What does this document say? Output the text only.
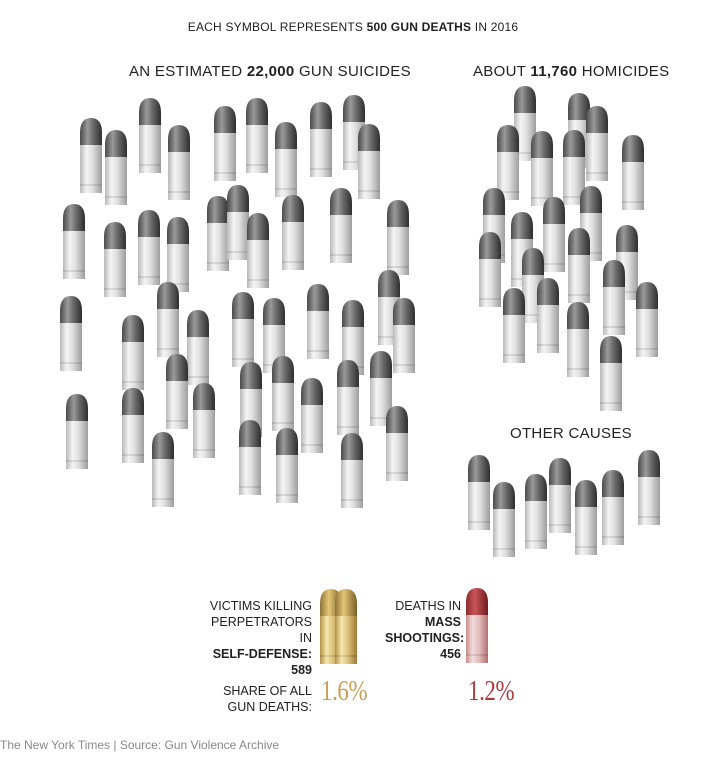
EACH SYMBOL REPRESENTS 500 GUN DEATHS IN 2016
AN ESTIMATED 22,000 GUN SUICIDES	ABOUT 11,760 HOMICIDES
OTHER CAUSES
VICTIMS KILLING
PERPETRATORS IN
SELF-DEFENSE:
589
DEATHS IN
MASS
SHOOTINGS:
456
SHARE OF ALL
GUN DEATHS: 1.6%	1.2%
The New York Times | Source: Gun Violence Archive
